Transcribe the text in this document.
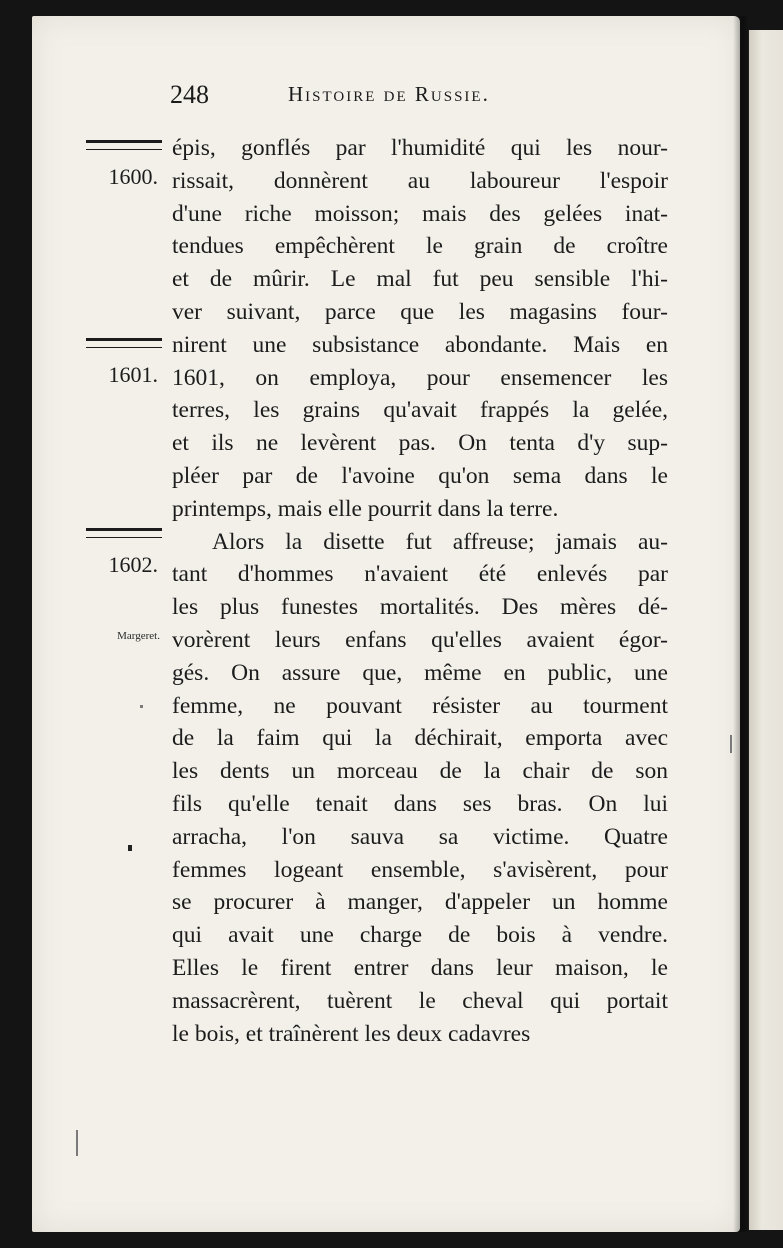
248	Histoire de Russie.
1600.
1601.
1602.
Margeret.
épis, gonflés par l'humidité qui les nour-
rissait, donnèrent au laboureur l'espoir
d'une riche moisson; mais des gelées inat-
tendues empêchèrent le grain de croître
et de mûrir. Le mal fut peu sensible l'hi-
ver suivant, parce que les magasins four-
nirent une subsistance abondante. Mais en
1601, on employa, pour ensemencer les
terres, les grains qu'avait frappés la gelée,
et ils ne levèrent pas. On tenta d'y sup-
pléer par de l'avoine qu'on sema dans le
printemps, mais elle pourrit dans la terre.
Alors la disette fut affreuse; jamais au-
tant d'hommes n'avaient été enlevés par
les plus funestes mortalités. Des mères dé-
vorèrent leurs enfans qu'elles avaient égor-
gés. On assure que, même en public, une
femme, ne pouvant résister au tourment
de la faim qui la déchirait, emporta avec
les dents un morceau de la chair de son
fils qu'elle tenait dans ses bras. On lui
arracha, l'on sauva sa victime. Quatre
femmes logeant ensemble, s'avisèrent, pour
se procurer à manger, d'appeler un homme
qui avait une charge de bois à vendre.
Elles le firent entrer dans leur maison, le
massacrèrent, tuèrent le cheval qui portait
le bois, et traînèrent les deux cadavres
